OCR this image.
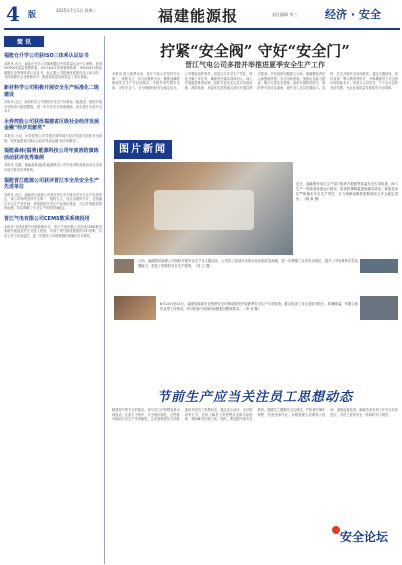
4 版	2025年7月1日 星期二	福建能源报	责任编辑 李三	经济 · 安全
简 讯
福能仓升学公司获ISO三体系认证证书

本报讯 近日，福能仓升学公司顺利通过中国质量认证中心审核，获得ISO9001质量管理体系、ISO14001环境管理体系、ISO45001职业健康安全管理体系认证证书，标志着公司管理体系建设迈上新台阶，为持续提升企业管理水平、推进高质量发展奠定了坚实基础。

新材料学公司积极开展安全生产标准化二级建设

本报讯 近日，新材料学公司围绕安全生产标准化二级建设，组织开展专项检查与隐患整改，进一步夯实安全管理基础，切实提升本质安全水平。

永券控股公司获批福建省区级社会经济发展金融“经济贡献奖”

本报讯 日前，永券控股公司凭借在服务地方经济发展方面的突出表现，荣获福建省区级社会经济发展金融“经济贡献奖”。

福能森林(福清)能源科技公司年度消防演练活动获评优秀案例

本报讯 近期，福能森林(福清)能源科技公司年度消防演练活动在全省评选中获评优秀案例。

福能晋江能源公司获评晋江市全员安全生产先进单位

本报讯 近日，福能晋江能源公司获评晋江市年度全员安全生产先进单位，该公司始终坚持安全第一、预防为主、综合治理的方针，全面落实安全生产责任制，持续推进安全生产标准化建设，扎实开展隐患排查治理，切实保障了安全生产形势持续稳定。

晋江气电有限公司CEMS数采系统投用

本报讯 为持续提升环保管理水平，晋江气电有限公司完成CEMS数采系统升级改造并正式投入使用，实现了烟气排放数据的实时采集、自动上传与在线监控，进一步提高了环保数据的准确性与可靠性。

拧紧“安全阀” 守好“安全门”
晋江气电公司多措并举推进夏季安全生产工作

本报讯 进入夏季以来，晋江气电公司坚持安全第一、预防为主、综合治理的方针，聚焦迎峰度夏和安全生产月活动要求，多措并举拧紧安全阀、守好安全门，全力保障机组安全稳定运行。公司强化组织领导，层层压实安全生产责任，细化分解工作任务，确保责任落实到岗到人。深入开展隐患排查治理，组织专业技术人员对设备设施、消防系统、危险化学品等重点部位开展拉网式排查，对发现的问题建立台账，明确整改责任人和整改时限，实行闭环管理。加强应急能力建设，修订完善应急预案，组织开展防汛防台、消防等专项应急演练，提升员工应急处置能力。同时，扎实开展安全培训教育，通过专题讲座、知识竞赛、警示教育等形式，不断增强员工安全意识和技能水平，营造人人讲安全、个个会应急的良好氛围，为企业高质量发展筑牢安全屏障。

图片新闻

近日，福能股份电力生产部门组织开展夏季高温安全专项检查，深入生产一线查看设备运行情况，检查防暑降温措施落实情况，督促各单位严格落实安全生产责任，全力保障迎峰度夏期间电力安全稳定供应。（姚 新 摄）

日前，福能股份检修公司组织开展安全生产月主题活动，公司员工参加安全知识宣讲和应急演练，进一步增强了全员安全意识，提升了突发事件应急处置能力，营造了浓厚的安全生产氛围。（张 立 摄）

6月24日至25日，福建省能源石化集团安全环保部组织开展夏季安全生产专项检查，重点检查了各企业防汛防台、防暑降温、有限空间作业等工作情况，并对检查中发现的问题提出整改要求。（李 彦 摄）

节前生产应当关注员工思想动态

随着春节等节日的临近，部分员工的思想容易出现波动，注意力不集中，安全意识弱化，这些都可能给安全生产带来隐患。企业管理者应当高度重视节前员工思想动态，通过谈心谈话、走访慰问等方式，及时了解员工的思想状况和实际困难，帮助解决后顾之忧。同时，要加强节前安全教育，提醒员工绷紧安全这根弦，严格遵守操作规程，杜绝违章作业。各级管理人员要深入现场，加强监督检查，确保节前各项工作安全有序进行，为员工营造安全、祥和的节日氛围。

安全论坛
